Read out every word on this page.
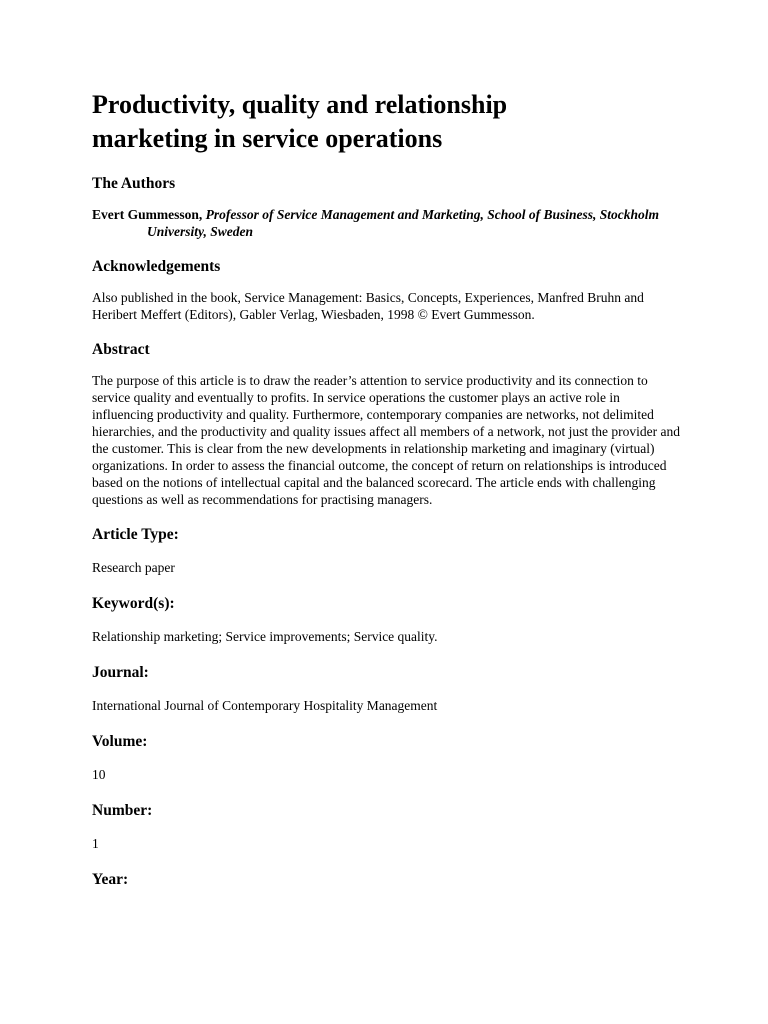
Productivity, quality and relationship
marketing in service operations
The Authors

Evert Gummesson, Professor of Service Management and Marketing, School of Business, Stockholm University, Sweden

Acknowledgements

Also published in the book, Service Management: Basics, Concepts, Experiences, Manfred Bruhn and Heribert Meffert (Editors), Gabler Verlag, Wiesbaden, 1998 © Evert Gummesson.

Abstract

The purpose of this article is to draw the reader’s attention to service productivity and its connection to service quality and eventually to profits. In service operations the customer plays an active role in influencing productivity and quality. Furthermore, contemporary companies are networks, not delimited hierarchies, and the productivity and quality issues affect all members of a network, not just the provider and the customer. This is clear from the new developments in relationship marketing and imaginary (virtual) organizations. In order to assess the financial outcome, the concept of return on relationships is introduced based on the notions of intellectual capital and the balanced scorecard. The article ends with challenging questions as well as recommendations for practising managers.

Article Type:

Research paper

Keyword(s):

Relationship marketing; Service improvements; Service quality.

Journal:

International Journal of Contemporary Hospitality Management

Volume:

10

Number:

1

Year:
